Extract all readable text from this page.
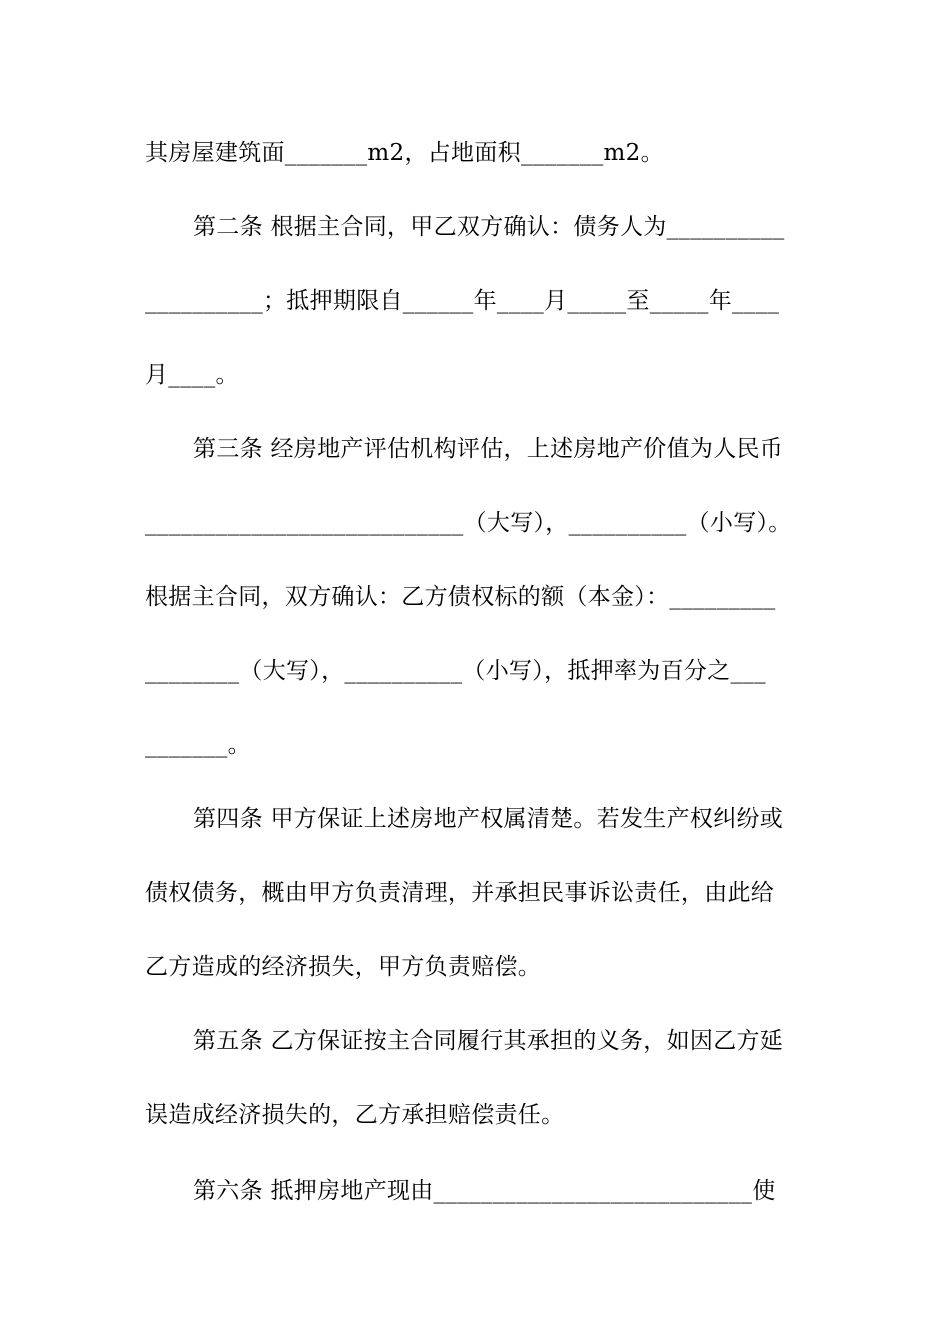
其房屋建筑面_______m2，占地面积_______m2。
第二条 根据主合同，甲乙双方确认：债务人为__________
__________；抵押期限自______年____月_____至_____年____
月____。
第三条 经房地产评估机构评估，上述房地产价值为人民币
___________________________（大写），__________（小写）。
根据主合同，双方确认：乙方债权标的额（本金）：_________
________（大写），__________（小写），抵押率为百分之___
_______。
第四条 甲方保证上述房地产权属清楚。若发生产权纠纷或
债权债务，概由甲方负责清理，并承担民事诉讼责任，由此给
乙方造成的经济损失，甲方负责赔偿。
第五条 乙方保证按主合同履行其承担的义务，如因乙方延
误造成经济损失的，乙方承担赔偿责任。
第六条 抵押房地产现由___________________________使
